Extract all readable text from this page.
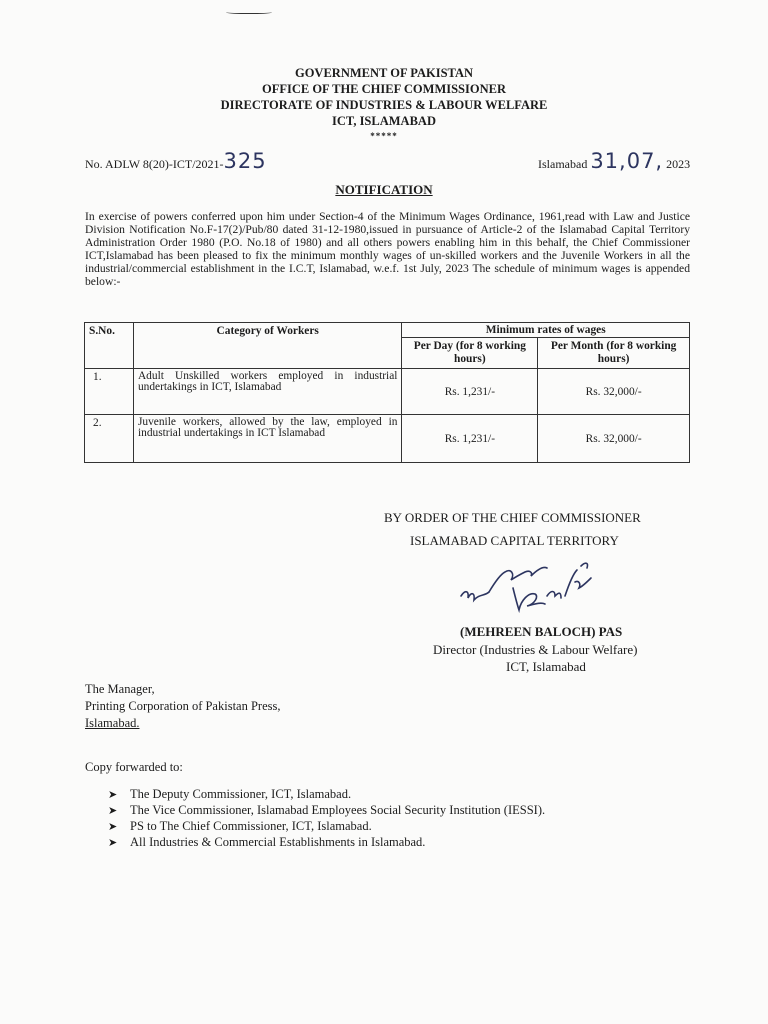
GOVERNMENT OF PAKISTAN
OFFICE OF THE CHIEF COMMISSIONER
DIRECTORATE OF INDUSTRIES & LABOUR WELFARE
ICT, ISLAMABAD
*****
No. ADLW 8(20)-ICT/2021-325	Islamabad 31,07, 2023
NOTIFICATION
In exercise of powers conferred upon him under Section-4 of the Minimum Wages Ordinance, 1961,read with Law and Justice Division Notification No.F-17(2)/Pub/80 dated 31-12-1980,issued in pursuance of Article-2 of the Islamabad Capital Territory Administration Order 1980 (P.O. No.18 of 1980) and all others powers enabling him in this behalf, the Chief Commissioner ICT,Islamabad has been pleased to fix the minimum monthly wages of un-skilled workers and the Juvenile Workers in all the industrial/commercial establishment in the I.C.T, Islamabad, w.e.f. 1st July, 2023 The schedule of minimum wages is appended below:-
S.No.	Category of Workers	Minimum rates of wages	
		Per Day (for 8 working hours)	Per Month (for 8 working hours)
1.	Adult Unskilled workers employed in industrial undertakings in ICT, Islamabad	Rs. 1,231/-	Rs. 32,000/-
2.	Juvenile workers, allowed by the law, employed in industrial undertakings in ICT Islamabad	Rs. 1,231/-	Rs. 32,000/-
BY ORDER OF THE CHIEF COMMISSIONER
ISLAMABAD CAPITAL TERRITORY
(MEHREEN BALOCH) PAS
Director (Industries & Labour Welfare)
ICT, Islamabad
The Manager,
Printing Corporation of Pakistan Press,
Islamabad.
Copy forwarded to:
➤ The Deputy Commissioner, ICT, Islamabad.
➤ The Vice Commissioner, Islamabad Employees Social Security Institution (IESSI).
➤ PS to The Chief Commissioner, ICT, Islamabad.
➤ All Industries & Commercial Establishments in Islamabad.
